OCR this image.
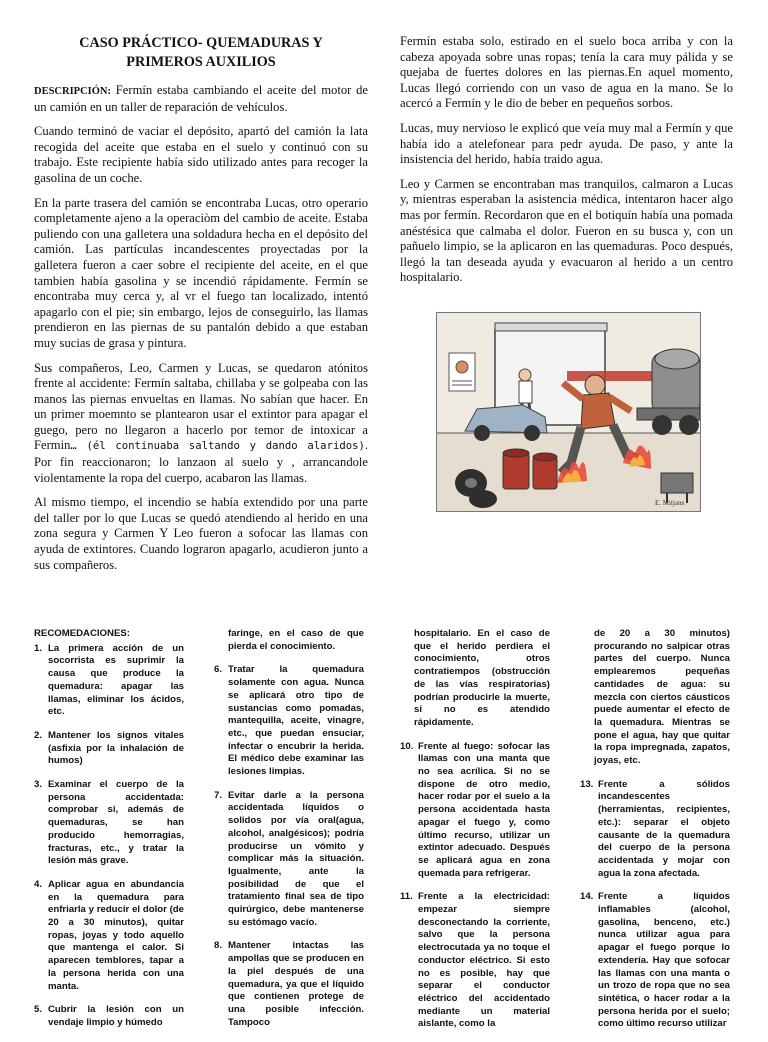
CASO PRÁCTICO- QUEMADURAS Y
PRIMEROS AUXILIOS
DESCRIPCIÓN: Fermín estaba cambiando el aceite del motor de un camión en un taller de reparación de vehículos.
Cuando terminó de vaciar el depósito, apartó del camión la lata recogida del aceite que estaba en el suelo y continuó con su trabajo. Este recipiente había sido utilizado antes para recoger la gasolina de un coche.
En la parte trasera del camión se encontraba Lucas, otro operario completamente ajeno a la operaciòm del cambio de aceite. Estaba puliendo con una galletera una soldadura hecha en el depósito del camión. Las partículas incandescentes proyectadas por la galletera fueron a caer sobre el recipiente del aceite, en el que tambien había gasolina y se incendió rápidamente. Fermín se encontraba muy cerca y, al vr el fuego tan localizado, intentó apagarlo con el pie; sin embargo, lejos de conseguirlo, las llamas prendieron en las piernas de su pantalón debido a que estaban muy sucias de grasa y pintura.
Sus compañeros, Leo, Carmen y Lucas, se quedaron atónitos frente al accidente: Fermín saltaba, chillaba y se golpeaba con las manos las piernas envueltas en llamas. No sabían que hacer. En un primer moemnto se plantearon usar el extintor para apagar el guego, pero no llegaron a hacerlo por temor de intoxicar a Fermin… (él continuaba saltando y dando alaridos). Por fin reaccionaron; lo lanzaon al suelo y , arrancandole violentamente la ropa del cuerpo, acabaron las llamas.
Al mismo tiempo, el incendio se había extendido por una parte del taller por lo que Lucas se quedó atendiendo al herido en una zona segura y Carmen Y Leo fueron a sofocar las llamas con ayuda de extintores. Cuando lograron apagarlo, acudieron junto a sus compañeros.
Fermín estaba solo, estirado en el suelo boca arriba y con la cabeza apoyada sobre unas ropas; tenía la cara muy pálida y se quejaba de fuertes dolores en las piernas.En aquel momento, Lucas llegó corriendo con un vaso de agua en la mano. Se lo acercó a Fermín y le dio de beber en pequeños sorbos.
Lucas, muy nervioso le explicó que veía muy mal a Fermín y que había ido a atelefonear para pedr ayuda. De paso, y ante la insistencia del herido, había traido agua.
Leo y Carmen se encontraban mas tranquilos, calmaron a Lucas y, mientras esperaban la asistencia médica, intentaron hacer algo mas por fermín. Recordaron que en el botiquín había una pomada anéstésica que calmaba el dolor. Fueron en su busca y, con un pañuelo limpio, se la aplicaron en las quemaduras. Poco después, llegó la tan deseada ayuda y evacuaron al herido a un centro hospitalario.
E. Mitjans
RECOMEDACIONES:
1. La primera acción de un socorrista es suprimir la causa que produce la quemadura: apagar las llamas, eliminar los ácidos, etc.
2. Mantener los signos vitales (asfixia por la inhalación de humos)
3. Examinar el cuerpo de la persona accidentada: comprobar si, además de quemaduras, se han producido hemorragias, fracturas, etc., y tratar la lesión más grave.
4. Aplicar agua en abundancia en la quemadura para enfriarla y reducir el dolor (de 20 a 30 minutos), quitar ropas, joyas y todo aquello que mantenga el calor. Si aparecen temblores, tapar a la persona herida con una manta.
5. Cubrir la lesión con un vendaje limpio y húmedo
faringe, en el caso de que pierda el conocimiento.
6. Tratar la quemadura solamente con agua. Nunca se aplicará otro tipo de sustancias como pomadas, mantequilla, aceite, vinagre, etc., que puedan ensuciar, infectar o encubrir la herida. El médico debe examinar las lesiones limpias.
7. Evitar darle a la persona accidentada líquidos o solidos por vía oral(agua, alcohol, analgésicos); podría producirse un vómito y complicar más la situación. Igualmente, ante la posibilidad de que el tratamiento final sea de tipo quirúrgico, debe mantenerse su estómago vacío.
8. Mantener intactas las ampollas que se producen en la piel después de una quemadura, ya que el líquido que contienen protege de una posible infección. Tampoco
hospitalario. En el caso de que el herido perdiera el conocimiento, otros contratiempos (obstrucción de las vías respiratorias) podrían producirle la muerte, si no es atendido rápidamente.
10. Frente al fuego: sofocar las llamas con una manta que no sea acrílica. Si no se dispone de otro medio, hacer rodar por el suelo a la persona accidentada hasta apagar el fuego y, como último recurso, utilizar un extintor adecuado. Después se aplicará agua en zona quemada para refrigerar.
11. Frente a la electricidad: empezar siempre desconectando la corriente, salvo que la persona electrocutada ya no toque el conductor eléctrico. Si esto no es posible, hay que separar el conductor eléctrico del accidentado mediante un material aislante, como la
de 20 a 30 minutos) procurando no salpicar otras partes del cuerpo. Nunca emplearemos pequeñas cantidades de agua: su mezcla con ciertos cáusticos puede aumentar el efecto de la quemadura. Mientras se pone el agua, hay que quitar la ropa impregnada, zapatos, joyas, etc.
13. Frente a sólidos incandescentes (herramientas, recipientes, etc.): separar el objeto causante de la quemadura del cuerpo de la persona accidentada y mojar con agua la zona afectada.
14. Frente a líquidos inflamables (alcohol, gasolina, benceno, etc.) nunca utilizar agua para apagar el fuego porque lo extendería. Hay que sofocar las llamas con una manta o un trozo de ropa que no sea sintética, o hacer rodar a la persona herida por el suelo; como último recurso utilizar
